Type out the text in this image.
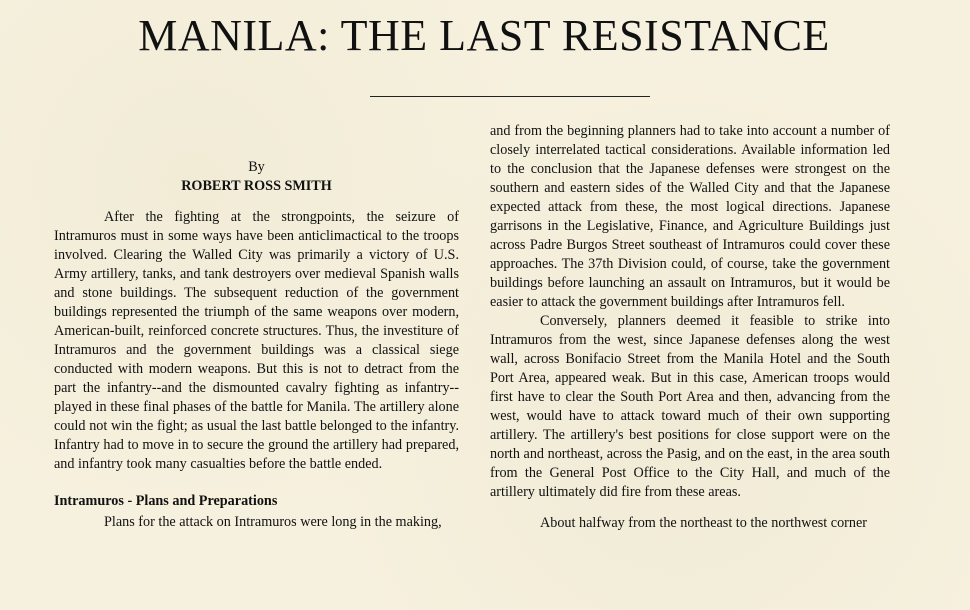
MANILA: THE LAST RESISTANCE

By

ROBERT ROSS SMITH

After the fighting at the strongpoints, the seizure of Intramuros must in some ways have been anticlimactical to the troops involved. Clearing the Walled City was primarily a victory of U.S. Army artillery, tanks, and tank destroyers over medieval Spanish walls and stone buildings. The subsequent reduction of the government buildings represented the triumph of the same weapons over modern, American-built, reinforced concrete structures. Thus, the investiture of Intramuros and the government buildings was a classical siege conducted with modern weapons. But this is not to detract from the part the infantry--and the dismounted cavalry fighting as infantry--played in these final phases of the battle for Manila. The artillery alone could not win the fight; as usual the last battle belonged to the infantry. Infantry had to move in to secure the ground the artillery had prepared, and infantry took many casualties before the battle ended.

Intramuros - Plans and Preparations

Plans for the attack on Intramuros were long in the making,

and from the beginning planners had to take into account a number of closely interrelated tactical considerations. Available information led to the conclusion that the Japanese defenses were strongest on the southern and eastern sides of the Walled City and that the Japanese expected attack from these, the most logical directions. Japanese garrisons in the Legislative, Finance, and Agriculture Buildings just across Padre Burgos Street southeast of Intramuros could cover these approaches. The 37th Division could, of course, take the government buildings before launching an assault on Intramuros, but it would be easier to attack the government buildings after Intramuros fell.

Conversely, planners deemed it feasible to strike into Intramuros from the west, since Japanese defenses along the west wall, across Bonifacio Street from the Manila Hotel and the South Port Area, appeared weak. But in this case, American troops would first have to clear the South Port Area and then, advancing from the west, would have to attack toward much of their own supporting artillery. The artillery's best positions for close support were on the north and northeast, across the Pasig, and on the east, in the area south from the General Post Office to the City Hall, and much of the artillery ultimately did fire from these areas.

About halfway from the northeast to the northwest corner
